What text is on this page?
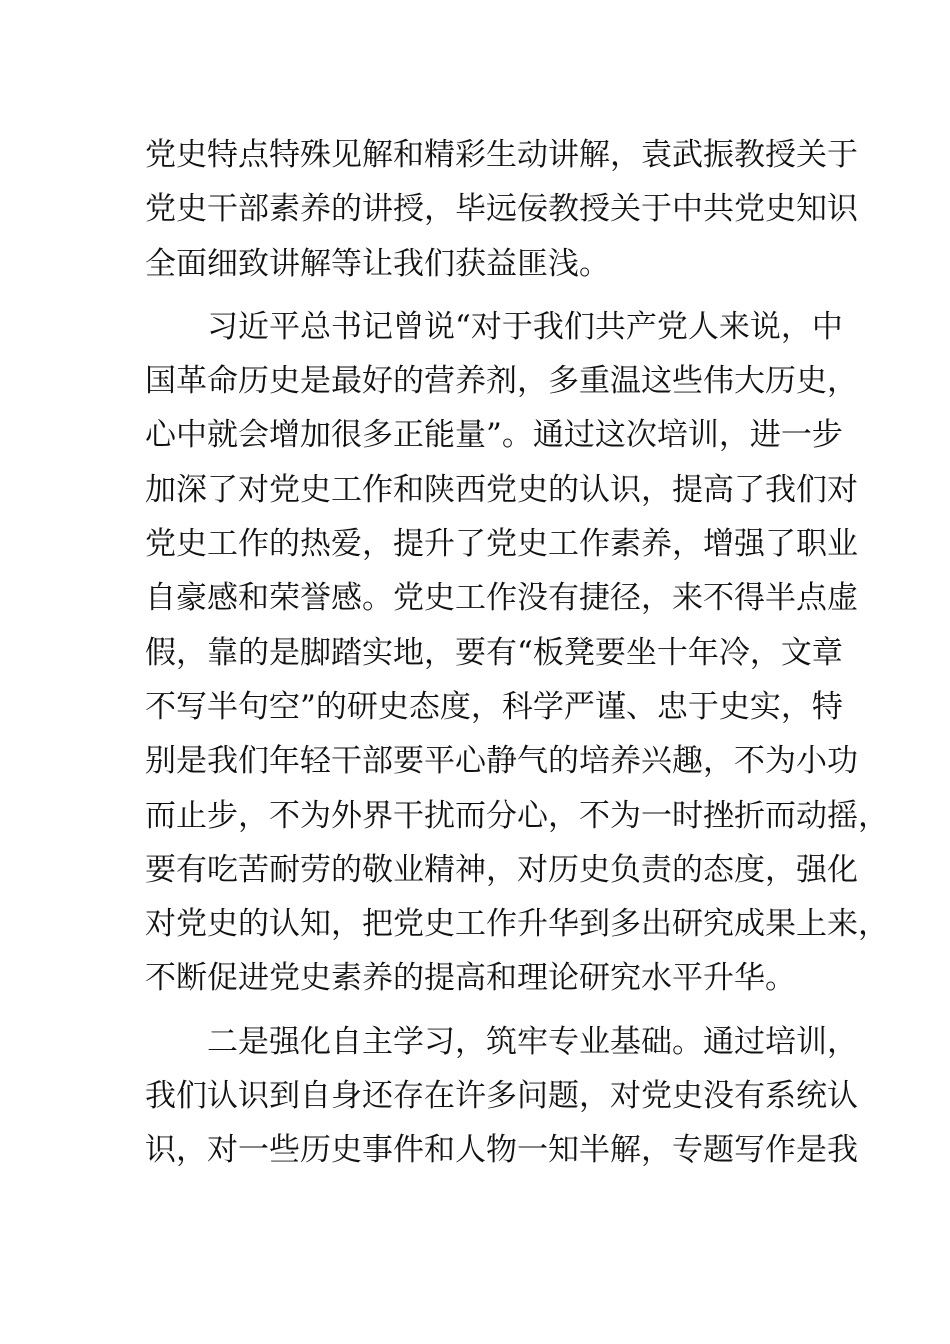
党史特点特殊见解和精彩生动讲解，袁武振教授关于
党史干部素养的讲授，毕远佞教授关于中共党史知识
全面细致讲解等让我们获益匪浅。
习近平总书记曾说“对于我们共产党人来说，中
国革命历史是最好的营养剂，多重温这些伟大历史，
心中就会增加很多正能量”。通过这次培训，进一步
加深了对党史工作和陕西党史的认识，提高了我们对
党史工作的热爱，提升了党史工作素养，增强了职业
自豪感和荣誉感。党史工作没有捷径，来不得半点虚
假，靠的是脚踏实地，要有“板凳要坐十年冷，文章
不写半句空”的研史态度，科学严谨、忠于史实，特
别是我们年轻干部要平心静气的培养兴趣，不为小功
而止步，不为外界干扰而分心，不为一时挫折而动摇，
要有吃苦耐劳的敬业精神，对历史负责的态度，强化
对党史的认知，把党史工作升华到多出研究成果上来，
不断促进党史素养的提高和理论研究水平升华。
二是强化自主学习，筑牢专业基础。通过培训，
我们认识到自身还存在许多问题，对党史没有系统认
识，对一些历史事件和人物一知半解，专题写作是我
